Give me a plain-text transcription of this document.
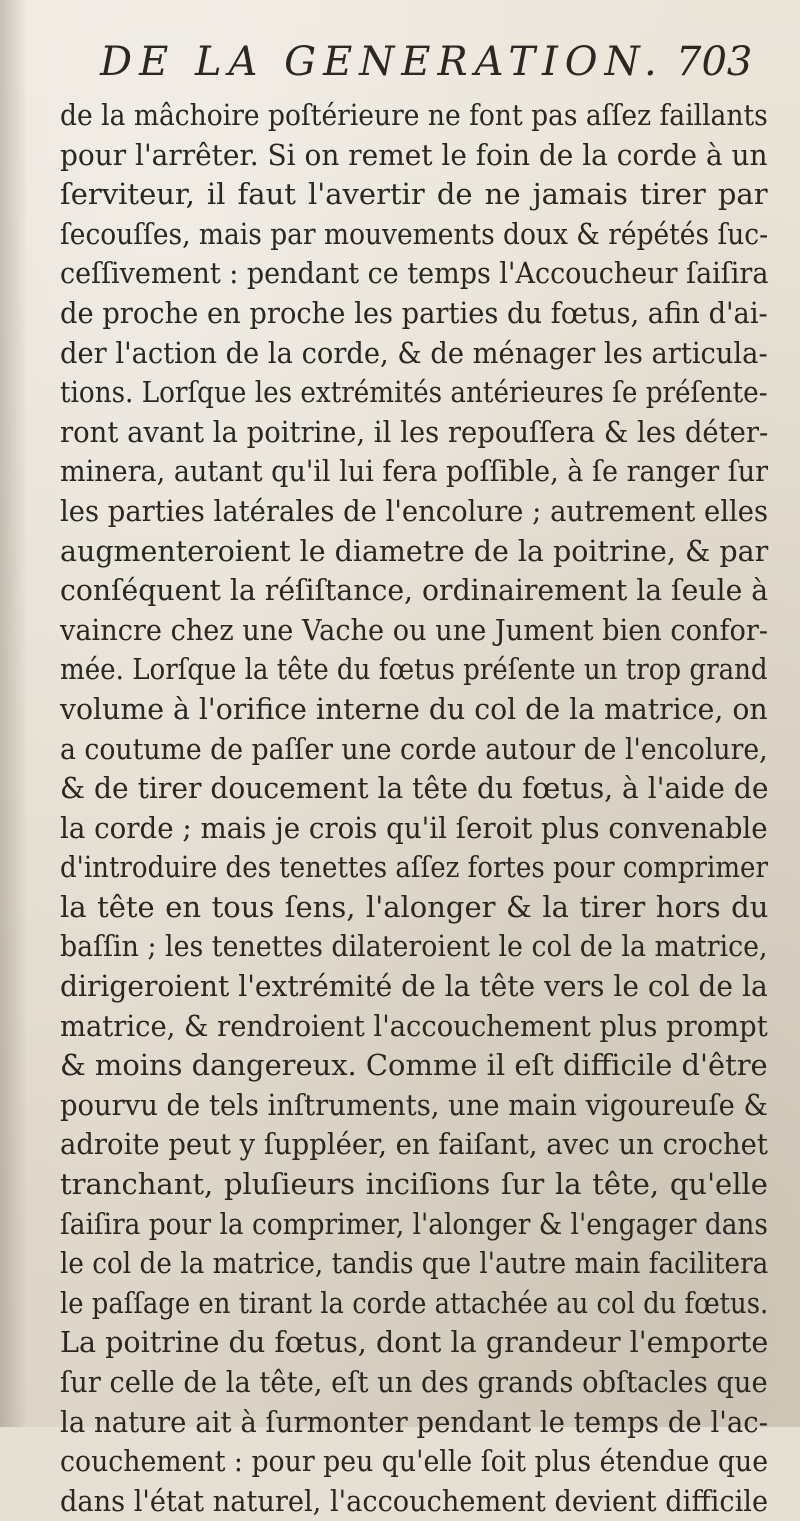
DE LA GENERATION. 703
de la mâchoire poſtérieure ne font pas aſſez faillants
pour l'arrêter. Si on remet le foin de la corde à un
ſerviteur, il faut l'avertir de ne jamais tirer par
ſecouſſes, mais par mouvements doux & répétés ſuc-
ceſſivement : pendant ce temps l'Accoucheur ſaiſira
de proche en proche les parties du fœtus, afin d'ai-
der l'action de la corde, & de ménager les articula-
tions. Lorſque les extrémités antérieures ſe préſente-
ront avant la poitrine, il les repouſſera & les déter-
minera, autant qu'il lui fera poſſible, à ſe ranger ſur
les parties latérales de l'encolure ; autrement elles
augmenteroient le diametre de la poitrine, & par
conſéquent la réſiſtance, ordinairement la ſeule à
vaincre chez une Vache ou une Jument bien confor-
mée. Lorſque la tête du fœtus préſente un trop grand
volume à l'orifice interne du col de la matrice, on
a coutume de paſſer une corde autour de l'encolure,
& de tirer doucement la tête du fœtus, à l'aide de
la corde ; mais je crois qu'il ſeroit plus convenable
d'introduire des tenettes aſſez fortes pour comprimer
la tête en tous ſens, l'alonger & la tirer hors du
baſſin ; les tenettes dilateroient le col de la matrice,
dirigeroient l'extrémité de la tête vers le col de la
matrice, & rendroient l'accouchement plus prompt
& moins dangereux. Comme il eſt difficile d'être
pourvu de tels inſtruments, une main vigoureuſe &
adroite peut y ſuppléer, en faiſant, avec un crochet
tranchant, pluſieurs inciſions ſur la tête, qu'elle
ſaiſira pour la comprimer, l'alonger & l'engager dans
le col de la matrice, tandis que l'autre main facilitera
le paſſage en tirant la corde attachée au col du fœtus.
La poitrine du fœtus, dont la grandeur l'emporte
ſur celle de la tête, eſt un des grands obſtacles que
la nature ait à ſurmonter pendant le temps de l'ac-
couchement : pour peu qu'elle ſoit plus étendue que
dans l'état naturel, l'accouchement devient difficile
